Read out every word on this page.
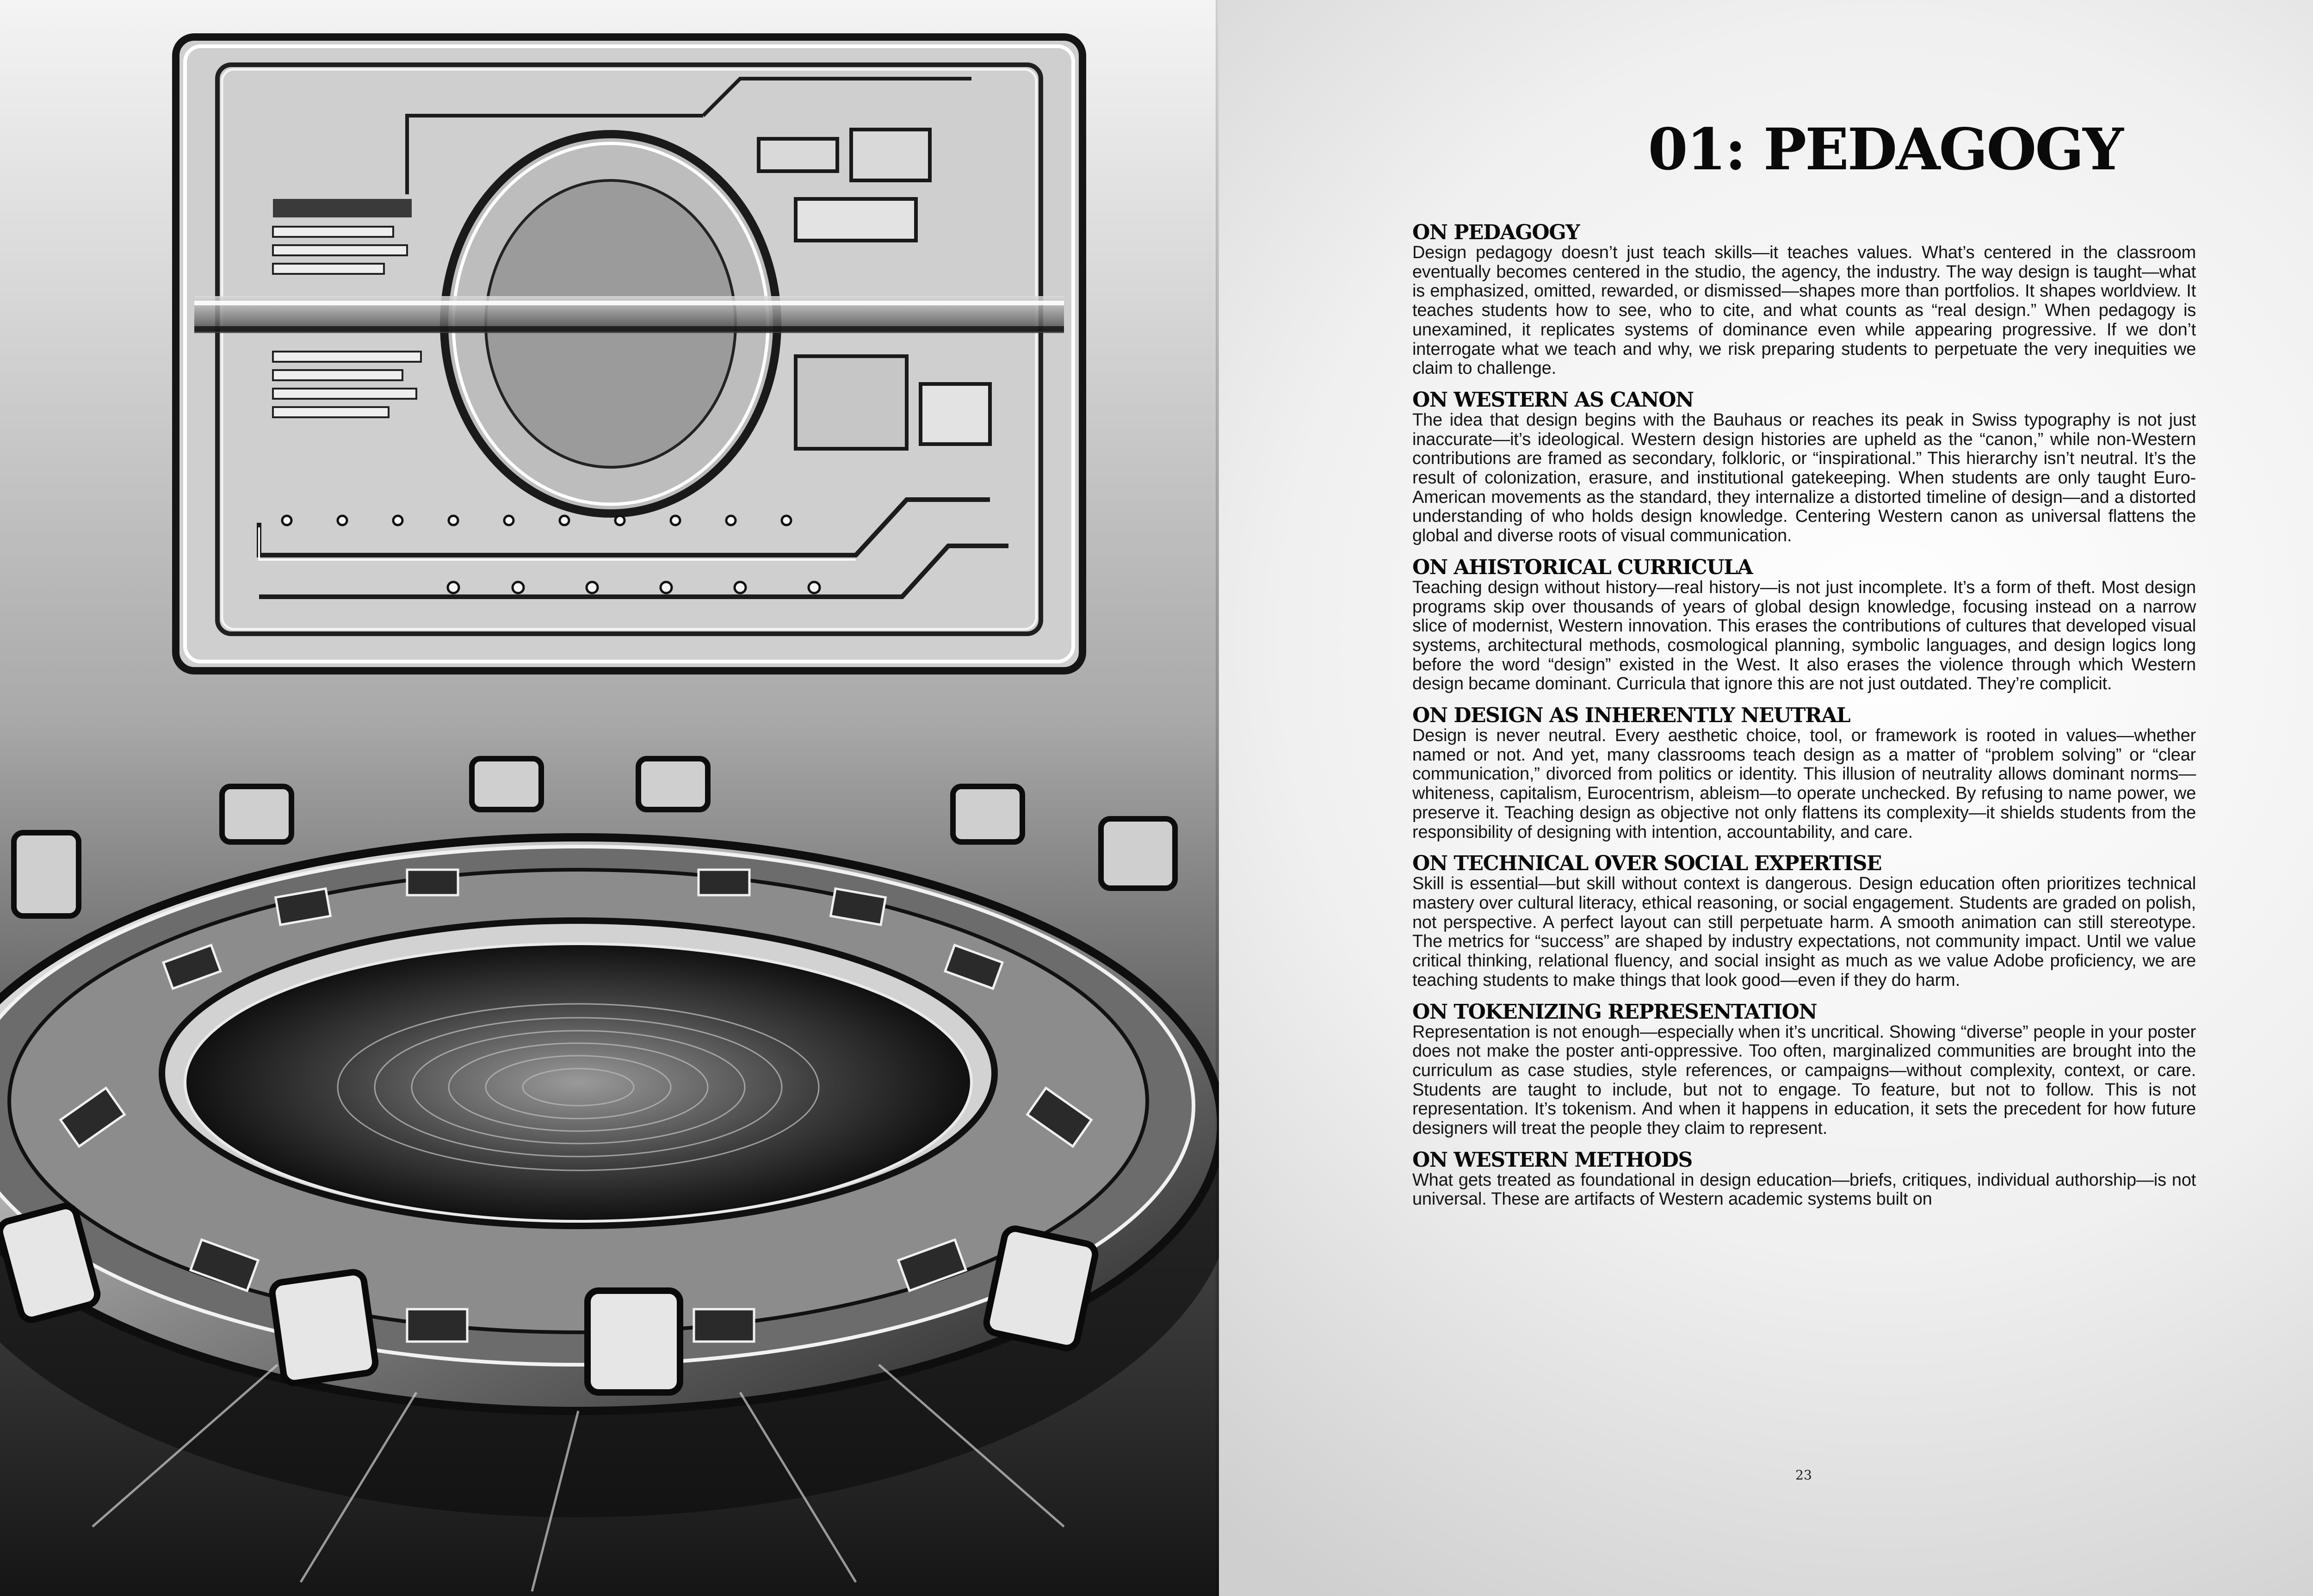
01: PEDAGOGY
ON PEDAGOGY

Design pedagogy doesn’t just teach skills—it teaches values. What’s centered in the classroom eventually becomes centered in the studio, the agency, the industry. The way design is taught—what is emphasized, omitted, rewarded, or dismissed—shapes more than portfolios. It shapes worldview. It teaches students how to see, who to cite, and what counts as “real design.” When pedagogy is unexamined, it replicates systems of dominance even while appearing progressive. If we don’t interrogate what we teach and why, we risk preparing students to perpetuate the very inequities we claim to challenge.

ON WESTERN AS CANON

The idea that design begins with the Bauhaus or reaches its peak in Swiss typography is not just inaccurate—it’s ideological. Western design histories are upheld as the “canon,” while non-Western contributions are framed as secondary, folkloric, or “inspirational.” This hierarchy isn’t neutral. It’s the result of colonization, erasure, and institutional gatekeeping. When students are only taught Euro-American movements as the standard, they internalize a distorted timeline of design—and a distorted understanding of who holds design knowledge. Centering Western canon as universal flattens the global and diverse roots of visual communication.

ON AHISTORICAL CURRICULA

Teaching design without history—real history—is not just incomplete. It’s a form of theft. Most design programs skip over thousands of years of global design knowledge, focusing instead on a narrow slice of modernist, Western innovation. This erases the contributions of cultures that developed visual systems, architectural methods, cosmological planning, symbolic languages, and design logics long before the word “design” existed in the West. It also erases the violence through which Western design became dominant. Curricula that ignore this are not just outdated. They’re complicit.

ON DESIGN AS INHERENTLY NEUTRAL

Design is never neutral. Every aesthetic choice, tool, or framework is rooted in values—whether named or not. And yet, many classrooms teach design as a matter of “problem solving” or “clear communication,” divorced from politics or identity. This illusion of neutrality allows dominant norms—whiteness, capitalism, Eurocentrism, ableism—to operate unchecked. By refusing to name power, we preserve it. Teaching design as objective not only flattens its complexity—it shields students from the responsibility of designing with intention, accountability, and care.

ON TECHNICAL OVER SOCIAL EXPERTISE

Skill is essential—but skill without context is dangerous. Design education often prioritizes technical mastery over cultural literacy, ethical reasoning, or social engagement. Students are graded on polish, not perspective. A perfect layout can still perpetuate harm. A smooth animation can still stereotype. The metrics for “success” are shaped by industry expectations, not community impact. Until we value critical thinking, relational fluency, and social insight as much as we value Adobe proficiency, we are teaching students to make things that look good—even if they do harm.

ON TOKENIZING REPRESENTATION

Representation is not enough—especially when it’s uncritical. Showing “diverse” people in your poster does not make the poster anti-oppressive. Too often, marginalized communities are brought into the curriculum as case studies, style references, or campaigns—without complexity, context, or care. Students are taught to include, but not to engage. To feature, but not to follow. This is not representation. It’s tokenism. And when it happens in education, it sets the precedent for how future designers will treat the people they claim to represent.

ON WESTERN METHODS

What gets treated as foundational in design education—briefs, critiques, individual authorship—is not universal. These are artifacts of Western academic systems built on

23
